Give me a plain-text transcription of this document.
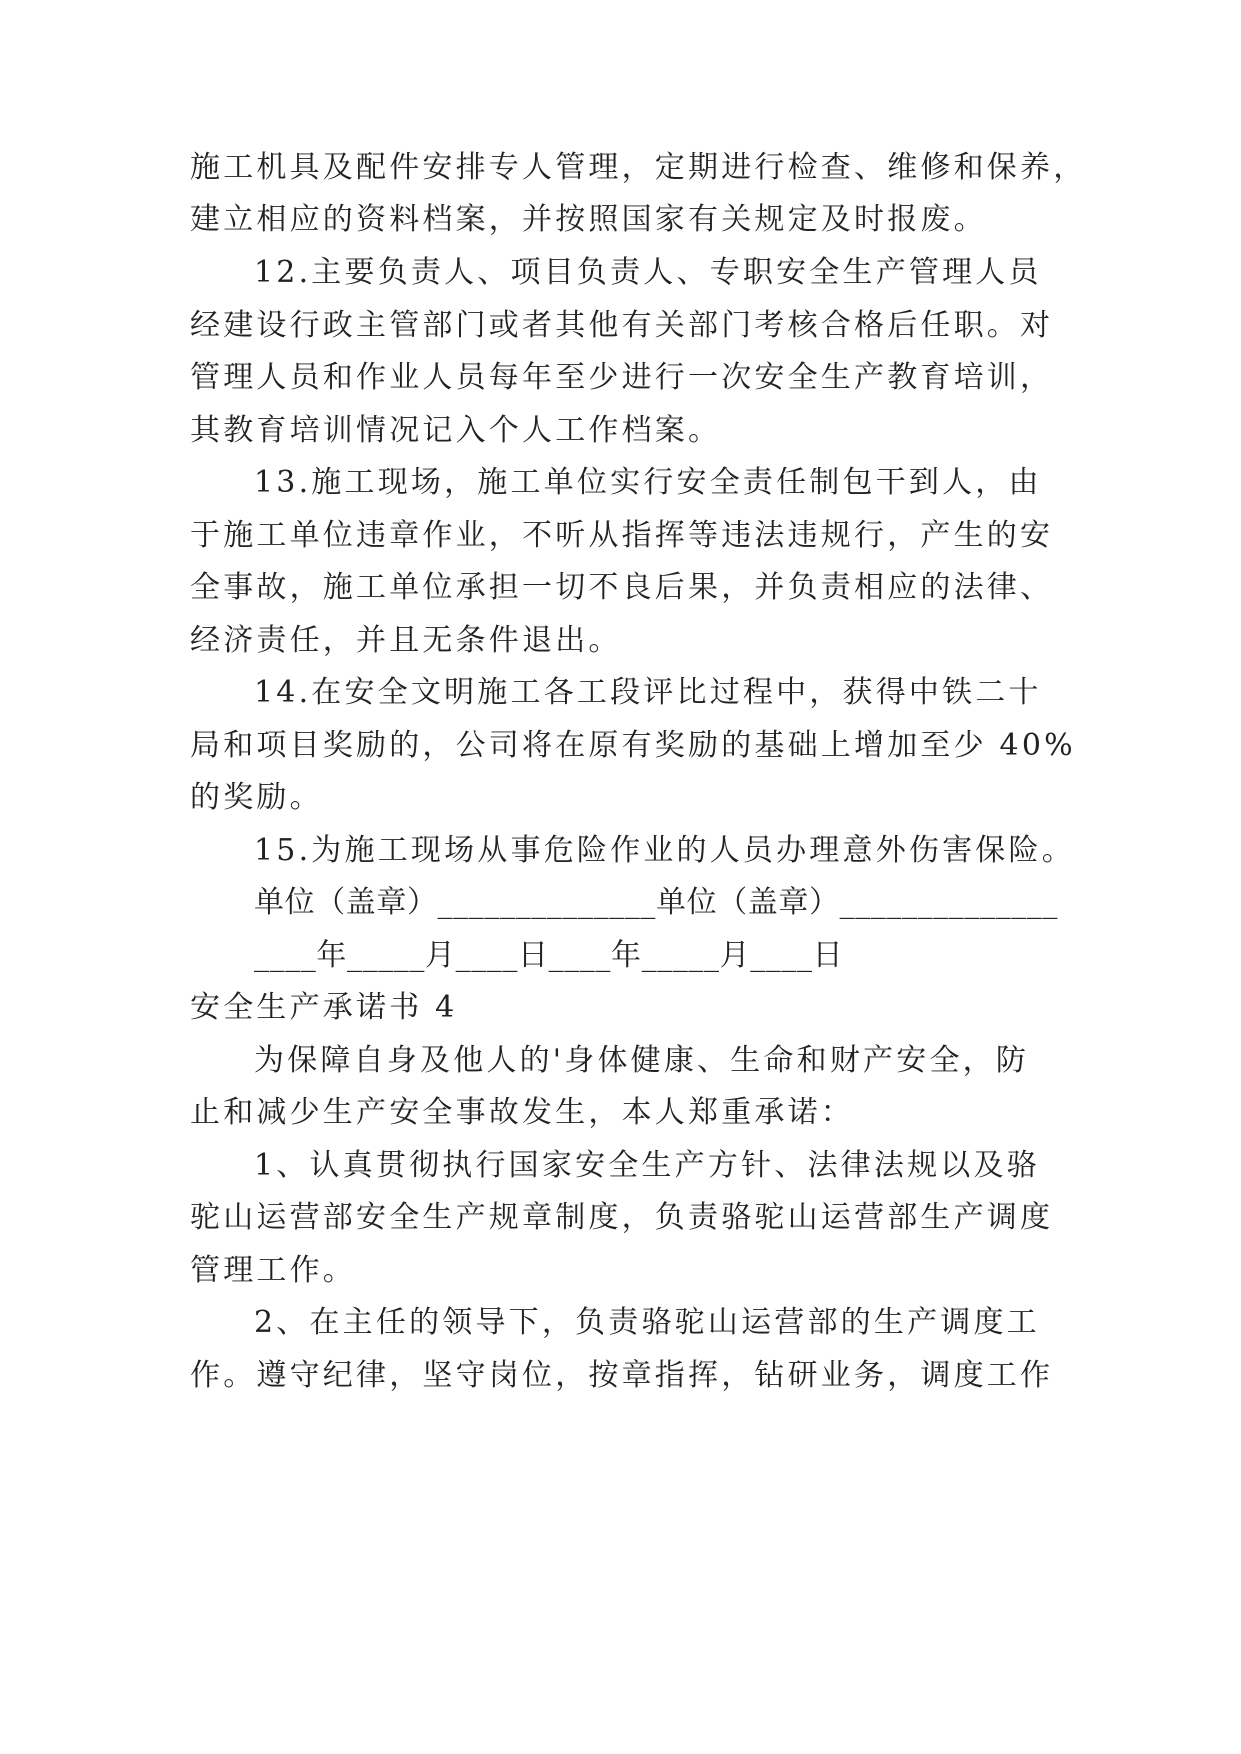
施工机具及配件安排专人管理，定期进行检查、维修和保养，
建立相应的资料档案，并按照国家有关规定及时报废。
12.主要负责人、项目负责人、专职安全生产管理人员
经建设行政主管部门或者其他有关部门考核合格后任职。对
管理人员和作业人员每年至少进行一次安全生产教育培训，
其教育培训情况记入个人工作档案。
13.施工现场，施工单位实行安全责任制包干到人，由
于施工单位违章作业，不听从指挥等违法违规行，产生的安
全事故，施工单位承担一切不良后果，并负责相应的法律、
经济责任，并且无条件退出。
14.在安全文明施工各工段评比过程中，获得中铁二十
局和项目奖励的，公司将在原有奖励的基础上增加至少 40%
的奖励。
15.为施工现场从事危险作业的人员办理意外伤害保险。
单位（盖章）______________单位（盖章）______________
____年_____月____日____年_____月____日
安全生产承诺书 4
为保障自身及他人的'身体健康、生命和财产安全，防
止和减少生产安全事故发生，本人郑重承诺：
1、认真贯彻执行国家安全生产方针、法律法规以及骆
驼山运营部安全生产规章制度，负责骆驼山运营部生产调度
管理工作。
2、在主任的领导下，负责骆驼山运营部的生产调度工
作。遵守纪律，坚守岗位，按章指挥，钻研业务，调度工作
